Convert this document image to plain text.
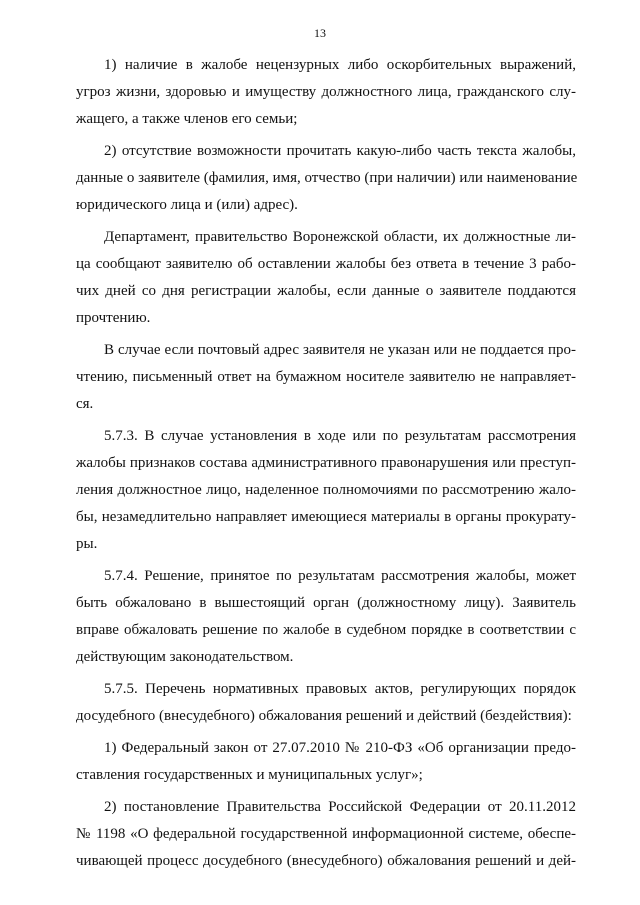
13
1) наличие в жалобе нецензурных либо оскорбительных выражений,
угроз жизни, здоровью и имуществу должностного лица, гражданского слу-
жащего, а также членов его семьи;
2) отсутствие возможности прочитать какую-либо часть текста жалобы,
данные о заявителе (фамилия, имя, отчество (при наличии) или наименование
юридического лица и (или) адрес).
Департамент, правительство Воронежской области, их должностные ли-
ца сообщают заявителю об оставлении жалобы без ответа в течение 3 рабо-
чих дней со дня регистрации жалобы, если данные о заявителе поддаются
прочтению.
В случае если почтовый адрес заявителя не указан или не поддается про-
чтению, письменный ответ на бумажном носителе заявителю не направляет-
ся.
5.7.3. В случае установления в ходе или по результатам рассмотрения
жалобы признаков состава административного правонарушения или преступ-
ления должностное лицо, наделенное полномочиями по рассмотрению жало-
бы, незамедлительно направляет имеющиеся материалы в органы прокурату-
ры.
5.7.4. Решение, принятое по результатам рассмотрения жалобы, может
быть обжаловано в вышестоящий орган (должностному лицу). Заявитель
вправе обжаловать решение по жалобе в судебном порядке в соответствии с
действующим законодательством.
5.7.5. Перечень нормативных правовых актов, регулирующих порядок
досудебного (внесудебного) обжалования решений и действий (бездействия):
1) Федеральный закон от 27.07.2010 № 210-ФЗ «Об организации предо-
ставления государственных и муниципальных услуг»;
2) постановление Правительства Российской Федерации от 20.11.2012
№ 1198 «О федеральной государственной информационной системе, обеспе-
чивающей процесс досудебного (внесудебного) обжалования решений и дей-
